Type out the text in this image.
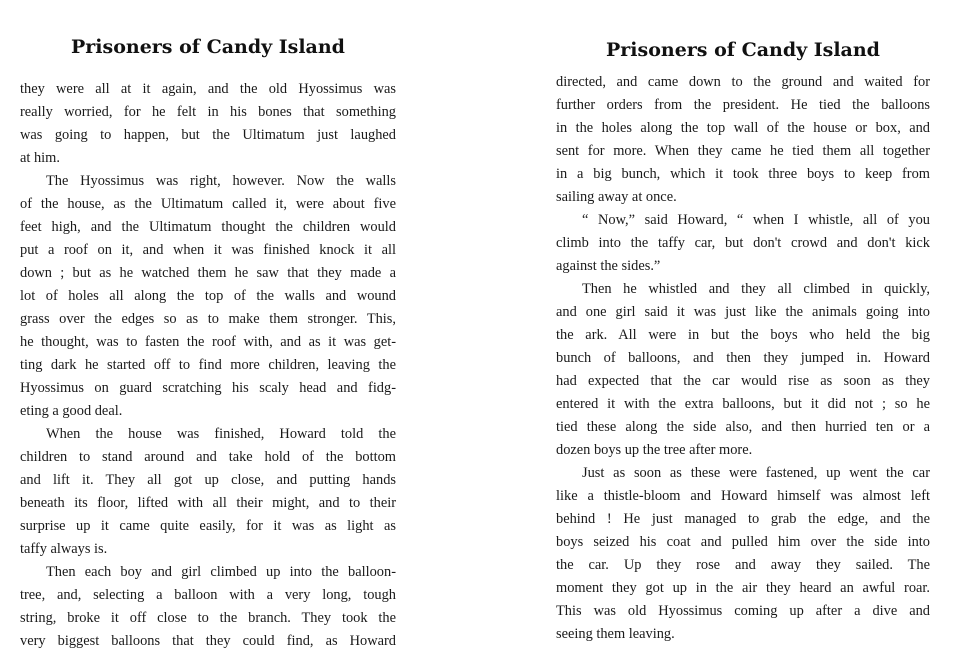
Prisoners of Candy Island

they were all at it again, and the old Hyossimus was

really worried, for he felt in his bones that something

was going to happen, but the Ultimatum just laughed

at him.

The Hyossimus was right, however. Now the walls

of the house, as the Ultimatum called it, were about five

feet high, and the Ultimatum thought the children would

put a roof on it, and when it was finished knock it all

down ; but as he watched them he saw that they made a

lot of holes all along the top of the walls and wound

grass over the edges so as to make them stronger. This,

he thought, was to fasten the roof with, and as it was get-

ting dark he started off to find more children, leaving the

Hyossimus on guard scratching his scaly head and fidg-

eting a good deal.

When the house was finished, Howard told the

children to stand around and take hold of the bottom

and lift it. They all got up close, and putting hands

beneath its floor, lifted with all their might, and to their

surprise up it came quite easily, for it was as light as

taffy always is.

Then each boy and girl climbed up into the balloon-

tree, and, selecting a balloon with a very long, tough

string, broke it off close to the branch. They took the

very biggest balloons that they could find, as Howard

Prisoners of Candy Island

directed, and came down to the ground and waited for

further orders from the president. He tied the balloons

in the holes along the top wall of the house or box, and

sent for more. When they came he tied them all together

in a big bunch, which it took three boys to keep from

sailing away at once.

“ Now,” said Howard, “ when I whistle, all of you

climb into the taffy car, but don't crowd and don't kick

against the sides.”

Then he whistled and they all climbed in quickly,

and one girl said it was just like the animals going into

the ark. All were in but the boys who held the big

bunch of balloons, and then they jumped in. Howard

had expected that the car would rise as soon as they

entered it with the extra balloons, but it did not ; so he

tied these along the side also, and then hurried ten or a

dozen boys up the tree after more.

Just as soon as these were fastened, up went the car

like a thistle-bloom and Howard himself was almost left

behind ! He just managed to grab the edge, and the

boys seized his coat and pulled him over the side into

the car. Up they rose and away they sailed. The

moment they got up in the air they heard an awful roar.

This was old Hyossimus coming up after a dive and

seeing them leaving.
